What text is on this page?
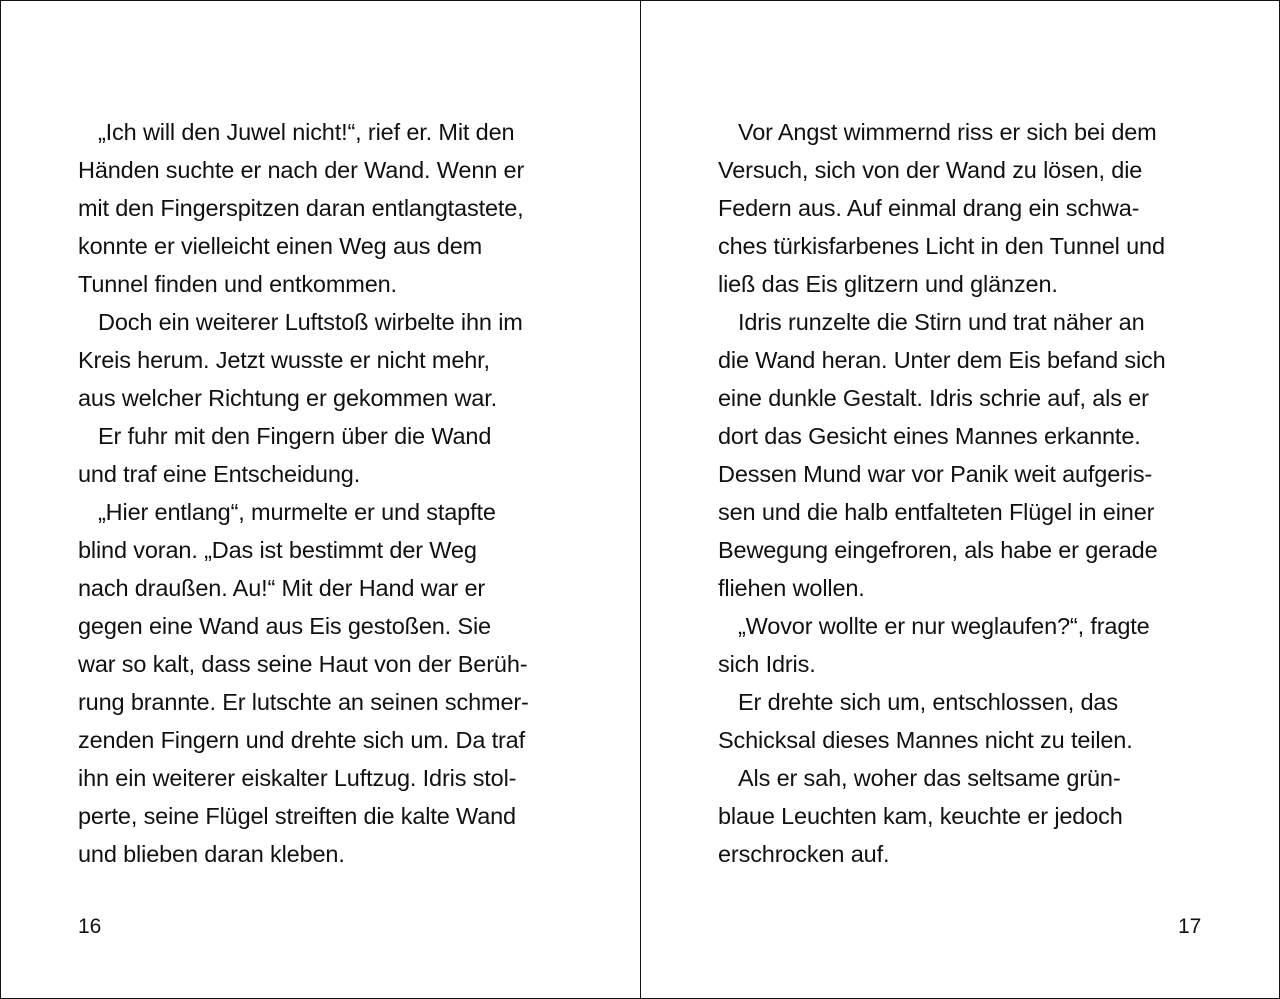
„Ich will den Juwel nicht!“, rief er. Mit den
Händen suchte er nach der Wand. Wenn er
mit den Fingerspitzen daran entlangtastete,
konnte er vielleicht einen Weg aus dem
Tunnel finden und entkommen.
Doch ein weiterer Luftstoß wirbelte ihn im
Kreis herum. Jetzt wusste er nicht mehr,
aus welcher Richtung er gekommen war.
Er fuhr mit den Fingern über die Wand
und traf eine Entscheidung.
„Hier entlang“, murmelte er und stapfte
blind voran. „Das ist bestimmt der Weg
nach draußen. Au!“ Mit der Hand war er
gegen eine Wand aus Eis gestoßen. Sie
war so kalt, dass seine Haut von der Berüh-
rung brannte. Er lutschte an seinen schmer-
zenden Fingern und drehte sich um. Da traf
ihn ein weiterer eiskalter Luftzug. Idris stol-
perte, seine Flügel streiften die kalte Wand
und blieben daran kleben.
16
Vor Angst wimmernd riss er sich bei dem
Versuch, sich von der Wand zu lösen, die
Federn aus. Auf einmal drang ein schwa-
ches türkisfarbenes Licht in den Tunnel und
ließ das Eis glitzern und glänzen.
Idris runzelte die Stirn und trat näher an
die Wand heran. Unter dem Eis befand sich
eine dunkle Gestalt. Idris schrie auf, als er
dort das Gesicht eines Mannes erkannte.
Dessen Mund war vor Panik weit aufgeris-
sen und die halb entfalteten Flügel in einer
Bewegung eingefroren, als habe er gerade
fliehen wollen.
„Wovor wollte er nur weglaufen?“, fragte
sich Idris.
Er drehte sich um, entschlossen, das
Schicksal dieses Mannes nicht zu teilen.
Als er sah, woher das seltsame grün-
blaue Leuchten kam, keuchte er jedoch
erschrocken auf.
17
